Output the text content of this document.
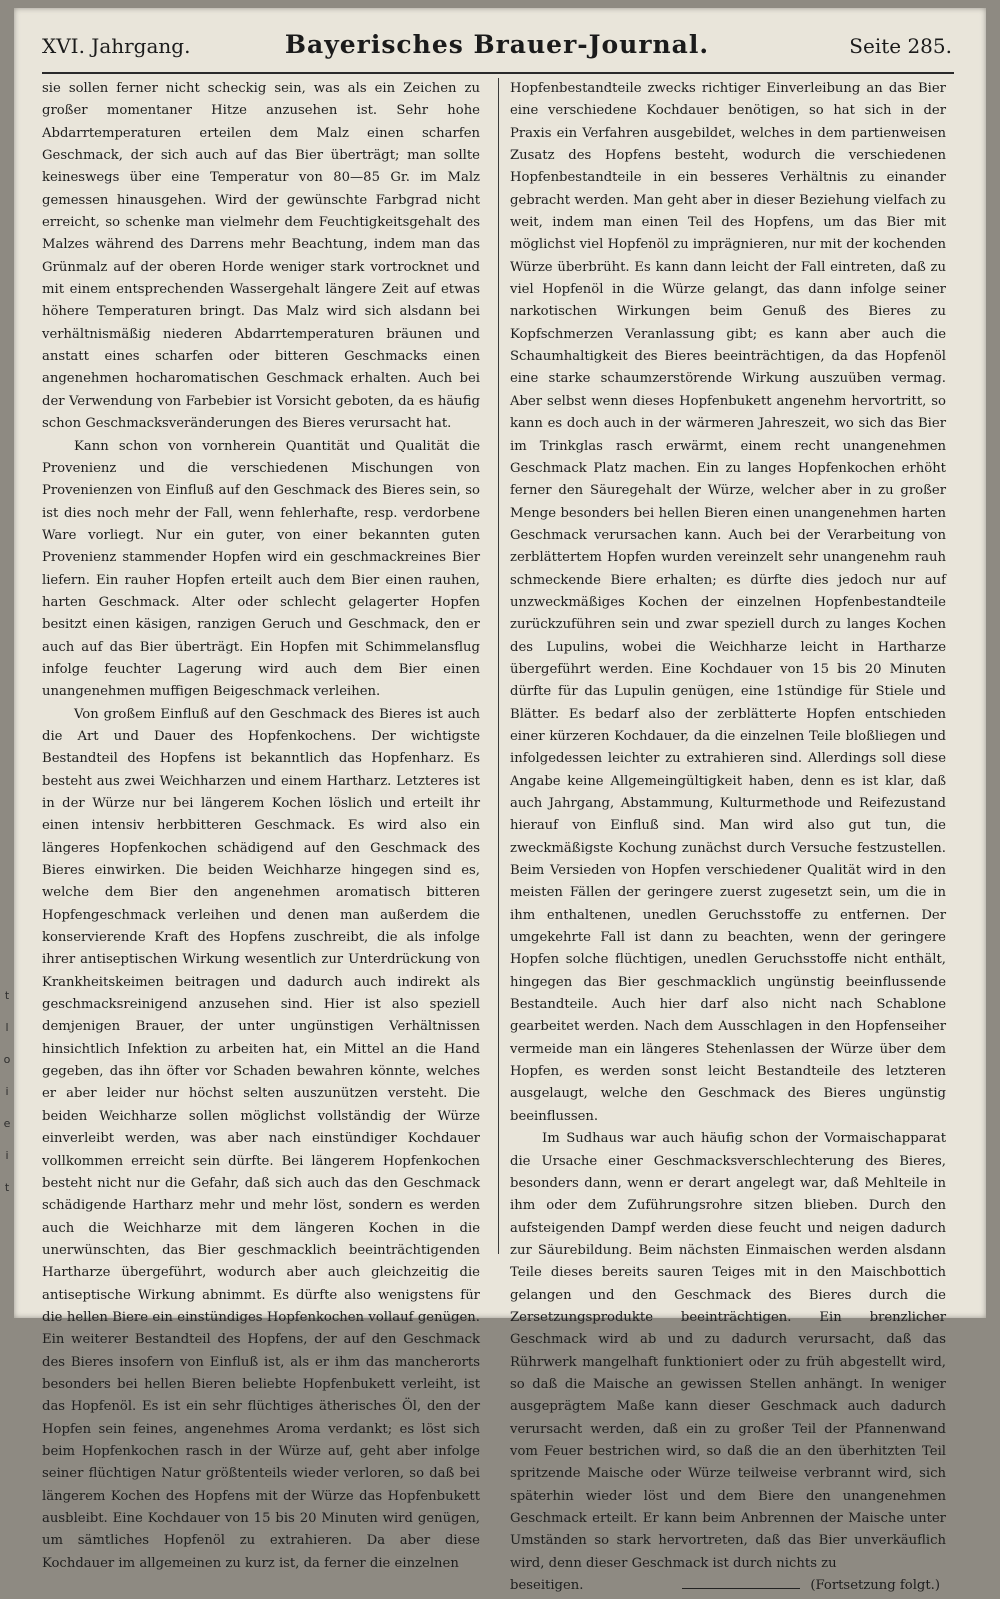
XVI. Jahrgang.	Bayerisches Brauer-Journal.	Seite 285.

sie sollen ferner nicht scheckig sein, was als ein Zeichen zu großer momentaner Hitze anzusehen ist. Sehr hohe Abdarrtemperaturen erteilen dem Malz einen scharfen Geschmack, der sich auch auf das Bier überträgt; man sollte keineswegs über eine Temperatur von 80—85 Gr. im Malz gemessen hinausgehen. Wird der gewünschte Farbgrad nicht erreicht, so schenke man vielmehr dem Feuchtigkeitsgehalt des Malzes während des Darrens mehr Beachtung, indem man das Grünmalz auf der oberen Horde weniger stark vortrocknet und mit einem entsprechenden Wassergehalt längere Zeit auf etwas höhere Temperaturen bringt. Das Malz wird sich alsdann bei verhältnismäßig niederen Abdarrtemperaturen bräunen und anstatt eines scharfen oder bitteren Geschmacks einen angenehmen hocharomatischen Geschmack erhalten. Auch bei der Verwendung von Farbebier ist Vorsicht geboten, da es häufig schon Geschmacksveränderungen des Bieres verursacht hat.

Kann schon von vornherein Quantität und Qualität die Provenienz und die verschiedenen Mischungen von Provenienzen von Einfluß auf den Geschmack des Bieres sein, so ist dies noch mehr der Fall, wenn fehlerhafte, resp. verdorbene Ware vorliegt. Nur ein guter, von einer bekannten guten Provenienz stammender Hopfen wird ein geschmackreines Bier liefern. Ein rauher Hopfen erteilt auch dem Bier einen rauhen, harten Geschmack. Alter oder schlecht gelagerter Hopfen besitzt einen käsigen, ranzigen Geruch und Geschmack, den er auch auf das Bier überträgt. Ein Hopfen mit Schimmelansflug infolge feuchter Lagerung wird auch dem Bier einen unangenehmen muffigen Beigeschmack verleihen.

Von großem Einfluß auf den Geschmack des Bieres ist auch die Art und Dauer des Hopfenkochens. Der wichtigste Bestandteil des Hopfens ist bekanntlich das Hopfenharz. Es besteht aus zwei Weichharzen und einem Hartharz. Letzteres ist in der Würze nur bei längerem Kochen löslich und erteilt ihr einen intensiv herbbitteren Geschmack. Es wird also ein längeres Hopfenkochen schädigend auf den Geschmack des Bieres einwirken. Die beiden Weichharze hingegen sind es, welche dem Bier den angenehmen aromatisch bitteren Hopfengeschmack verleihen und denen man außerdem die konservierende Kraft des Hopfens zuschreibt, die als infolge ihrer antiseptischen Wirkung wesentlich zur Unterdrückung von Krankheitskeimen beitragen und dadurch auch indirekt als geschmacksreinigend anzusehen sind. Hier ist also speziell demjenigen Brauer, der unter ungünstigen Verhältnissen hinsichtlich Infektion zu arbeiten hat, ein Mittel an die Hand gegeben, das ihn öfter vor Schaden bewahren könnte, welches er aber leider nur höchst selten auszunützen versteht. Die beiden Weichharze sollen möglichst vollständig der Würze einverleibt werden, was aber nach einstündiger Kochdauer vollkommen erreicht sein dürfte. Bei längerem Hopfenkochen besteht nicht nur die Gefahr, daß sich auch das den Geschmack schädigende Hartharz mehr und mehr löst, sondern es werden auch die Weichharze mit dem längeren Kochen in die unerwünschten, das Bier geschmacklich beeinträchtigenden Hartharze übergeführt, wodurch aber auch gleichzeitig die antiseptische Wirkung abnimmt. Es dürfte also wenigstens für die hellen Biere ein einstündiges Hopfenkochen vollauf genügen. Ein weiterer Bestandteil des Hopfens, der auf den Geschmack des Bieres insofern von Einfluß ist, als er ihm das mancherorts besonders bei hellen Bieren beliebte Hopfenbukett verleiht, ist das Hopfenöl. Es ist ein sehr flüchtiges ätherisches Öl, den der Hopfen sein feines, angenehmes Aroma verdankt; es löst sich beim Hopfenkochen rasch in der Würze auf, geht aber infolge seiner flüchtigen Natur größtenteils wieder verloren, so daß bei längerem Kochen des Hopfens mit der Würze das Hopfenbukett ausbleibt. Eine Kochdauer von 15 bis 20 Minuten wird genügen, um sämtliches Hopfenöl zu extrahieren. Da aber diese Kochdauer im allgemeinen zu kurz ist, da ferner die einzelnen

Hopfenbestandteile zwecks richtiger Einverleibung an das Bier eine verschiedene Kochdauer benötigen, so hat sich in der Praxis ein Verfahren ausgebildet, welches in dem partienweisen Zusatz des Hopfens besteht, wodurch die verschiedenen Hopfenbestandteile in ein besseres Verhältnis zu einander gebracht werden. Man geht aber in dieser Beziehung vielfach zu weit, indem man einen Teil des Hopfens, um das Bier mit möglichst viel Hopfenöl zu imprägnieren, nur mit der kochenden Würze überbrüht. Es kann dann leicht der Fall eintreten, daß zu viel Hopfenöl in die Würze gelangt, das dann infolge seiner narkotischen Wirkungen beim Genuß des Bieres zu Kopfschmerzen Veranlassung gibt; es kann aber auch die Schaumhaltigkeit des Bieres beeinträchtigen, da das Hopfenöl eine starke schaumzerstörende Wirkung auszuüben vermag. Aber selbst wenn dieses Hopfenbukett angenehm hervortritt, so kann es doch auch in der wärmeren Jahreszeit, wo sich das Bier im Trinkglas rasch erwärmt, einem recht unangenehmen Geschmack Platz machen. Ein zu langes Hopfenkochen erhöht ferner den Säuregehalt der Würze, welcher aber in zu großer Menge besonders bei hellen Bieren einen unangenehmen harten Geschmack verursachen kann. Auch bei der Verarbeitung von zerblättertem Hopfen wurden vereinzelt sehr unangenehm rauh schmeckende Biere erhalten; es dürfte dies jedoch nur auf unzweckmäßiges Kochen der einzelnen Hopfenbestandteile zurückzuführen sein und zwar speziell durch zu langes Kochen des Lupulins, wobei die Weichharze leicht in Hartharze übergeführt werden. Eine Kochdauer von 15 bis 20 Minuten dürfte für das Lupulin genügen, eine 1stündige für Stiele und Blätter. Es bedarf also der zerblätterte Hopfen entschieden einer kürzeren Kochdauer, da die einzelnen Teile bloßliegen und infolgedessen leichter zu extrahieren sind. Allerdings soll diese Angabe keine Allgemeingültigkeit haben, denn es ist klar, daß auch Jahrgang, Abstammung, Kulturmethode und Reifezustand hierauf von Einfluß sind. Man wird also gut tun, die zweckmäßigste Kochung zunächst durch Versuche festzustellen. Beim Versieden von Hopfen verschiedener Qualität wird in den meisten Fällen der geringere zuerst zugesetzt sein, um die in ihm enthaltenen, unedlen Geruchsstoffe zu entfernen. Der umgekehrte Fall ist dann zu beachten, wenn der geringere Hopfen solche flüchtigen, unedlen Geruchsstoffe nicht enthält, hingegen das Bier geschmacklich ungünstig beeinflussende Bestandteile. Auch hier darf also nicht nach Schablone gearbeitet werden. Nach dem Ausschlagen in den Hopfenseiher vermeide man ein längeres Stehenlassen der Würze über dem Hopfen, es werden sonst leicht Bestandteile des letzteren ausgelaugt, welche den Geschmack des Bieres ungünstig beeinflussen.

Im Sudhaus war auch häufig schon der Vormaischapparat die Ursache einer Geschmacksverschlechterung des Bieres, besonders dann, wenn er derart angelegt war, daß Mehlteile in ihm oder dem Zuführungsrohre sitzen blieben. Durch den aufsteigenden Dampf werden diese feucht und neigen dadurch zur Säurebildung. Beim nächsten Einmaischen werden alsdann Teile dieses bereits sauren Teiges mit in den Maischbottich gelangen und den Geschmack des Bieres durch die Zersetzungsprodukte beeinträchtigen. Ein brenzlicher Geschmack wird ab und zu dadurch verursacht, daß das Rührwerk mangelhaft funktioniert oder zu früh abgestellt wird, so daß die Maische an gewissen Stellen anhängt. In weniger ausgeprägtem Maße kann dieser Geschmack auch dadurch verursacht werden, daß ein zu großer Teil der Pfannenwand vom Feuer bestrichen wird, so daß die an den überhitzten Teil spritzende Maische oder Würze teilweise verbrannt wird, sich späterhin wieder löst und dem Biere den unangenehmen Geschmack erteilt. Er kann beim Anbrennen der Maische unter Umständen so stark hervortreten, daß das Bier unverkäuflich wird, denn dieser Geschmack ist durch nichts zu

beseitigen.	(Fortsetzung folgt.)
t
l
o
i
e
i
t
